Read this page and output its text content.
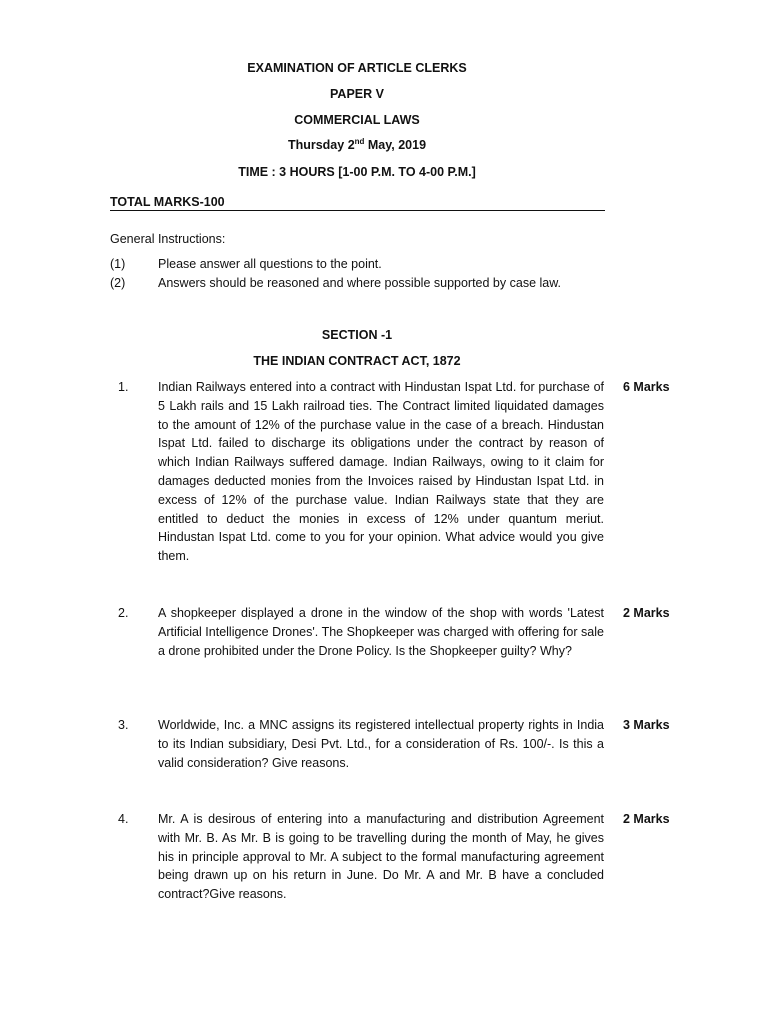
EXAMINATION OF ARTICLE CLERKS
PAPER V
COMMERCIAL LAWS
Thursday 2nd May, 2019
TIME : 3 HOURS [1-00 P.M. TO 4-00 P.M.]
TOTAL MARKS-100
General Instructions:
(1)	Please answer all questions to the point.
(2)	Answers should be reasoned and where possible supported by case law.
SECTION -1
THE INDIAN CONTRACT ACT, 1872
1. Indian Railways entered into a contract with Hindustan Ispat Ltd. for purchase of 5 Lakh rails and 15 Lakh railroad ties. The Contract limited liquidated damages to the amount of 12% of the purchase value in the case of a breach. Hindustan Ispat Ltd. failed to discharge its obligations under the contract by reason of which Indian Railways suffered damage. Indian Railways, owing to it claim for damages deducted monies from the Invoices raised by Hindustan Ispat Ltd. in excess of 12% of the purchase value. Indian Railways state that they are entitled to deduct the monies in excess of 12% under quantum meriut. Hindustan Ispat Ltd. come to you for your opinion. What advice would you give them.
6 Marks
2. A shopkeeper displayed a drone in the window of the shop with words 'Latest Artificial Intelligence Drones'. The Shopkeeper was charged with offering for sale a drone prohibited under the Drone Policy. Is the Shopkeeper guilty? Why?
2 Marks
3. Worldwide, Inc. a MNC assigns its registered intellectual property rights in India to its Indian subsidiary, Desi Pvt. Ltd., for a consideration of Rs. 100/-. Is this a valid consideration? Give reasons.
3 Marks
4. Mr. A is desirous of entering into a manufacturing and distribution Agreement with Mr. B. As Mr. B is going to be travelling during the month of May, he gives his in principle approval to Mr. A subject to the formal manufacturing agreement being drawn up on his return in June. Do Mr. A and Mr. B have a concluded contract?Give reasons.
2 Marks
